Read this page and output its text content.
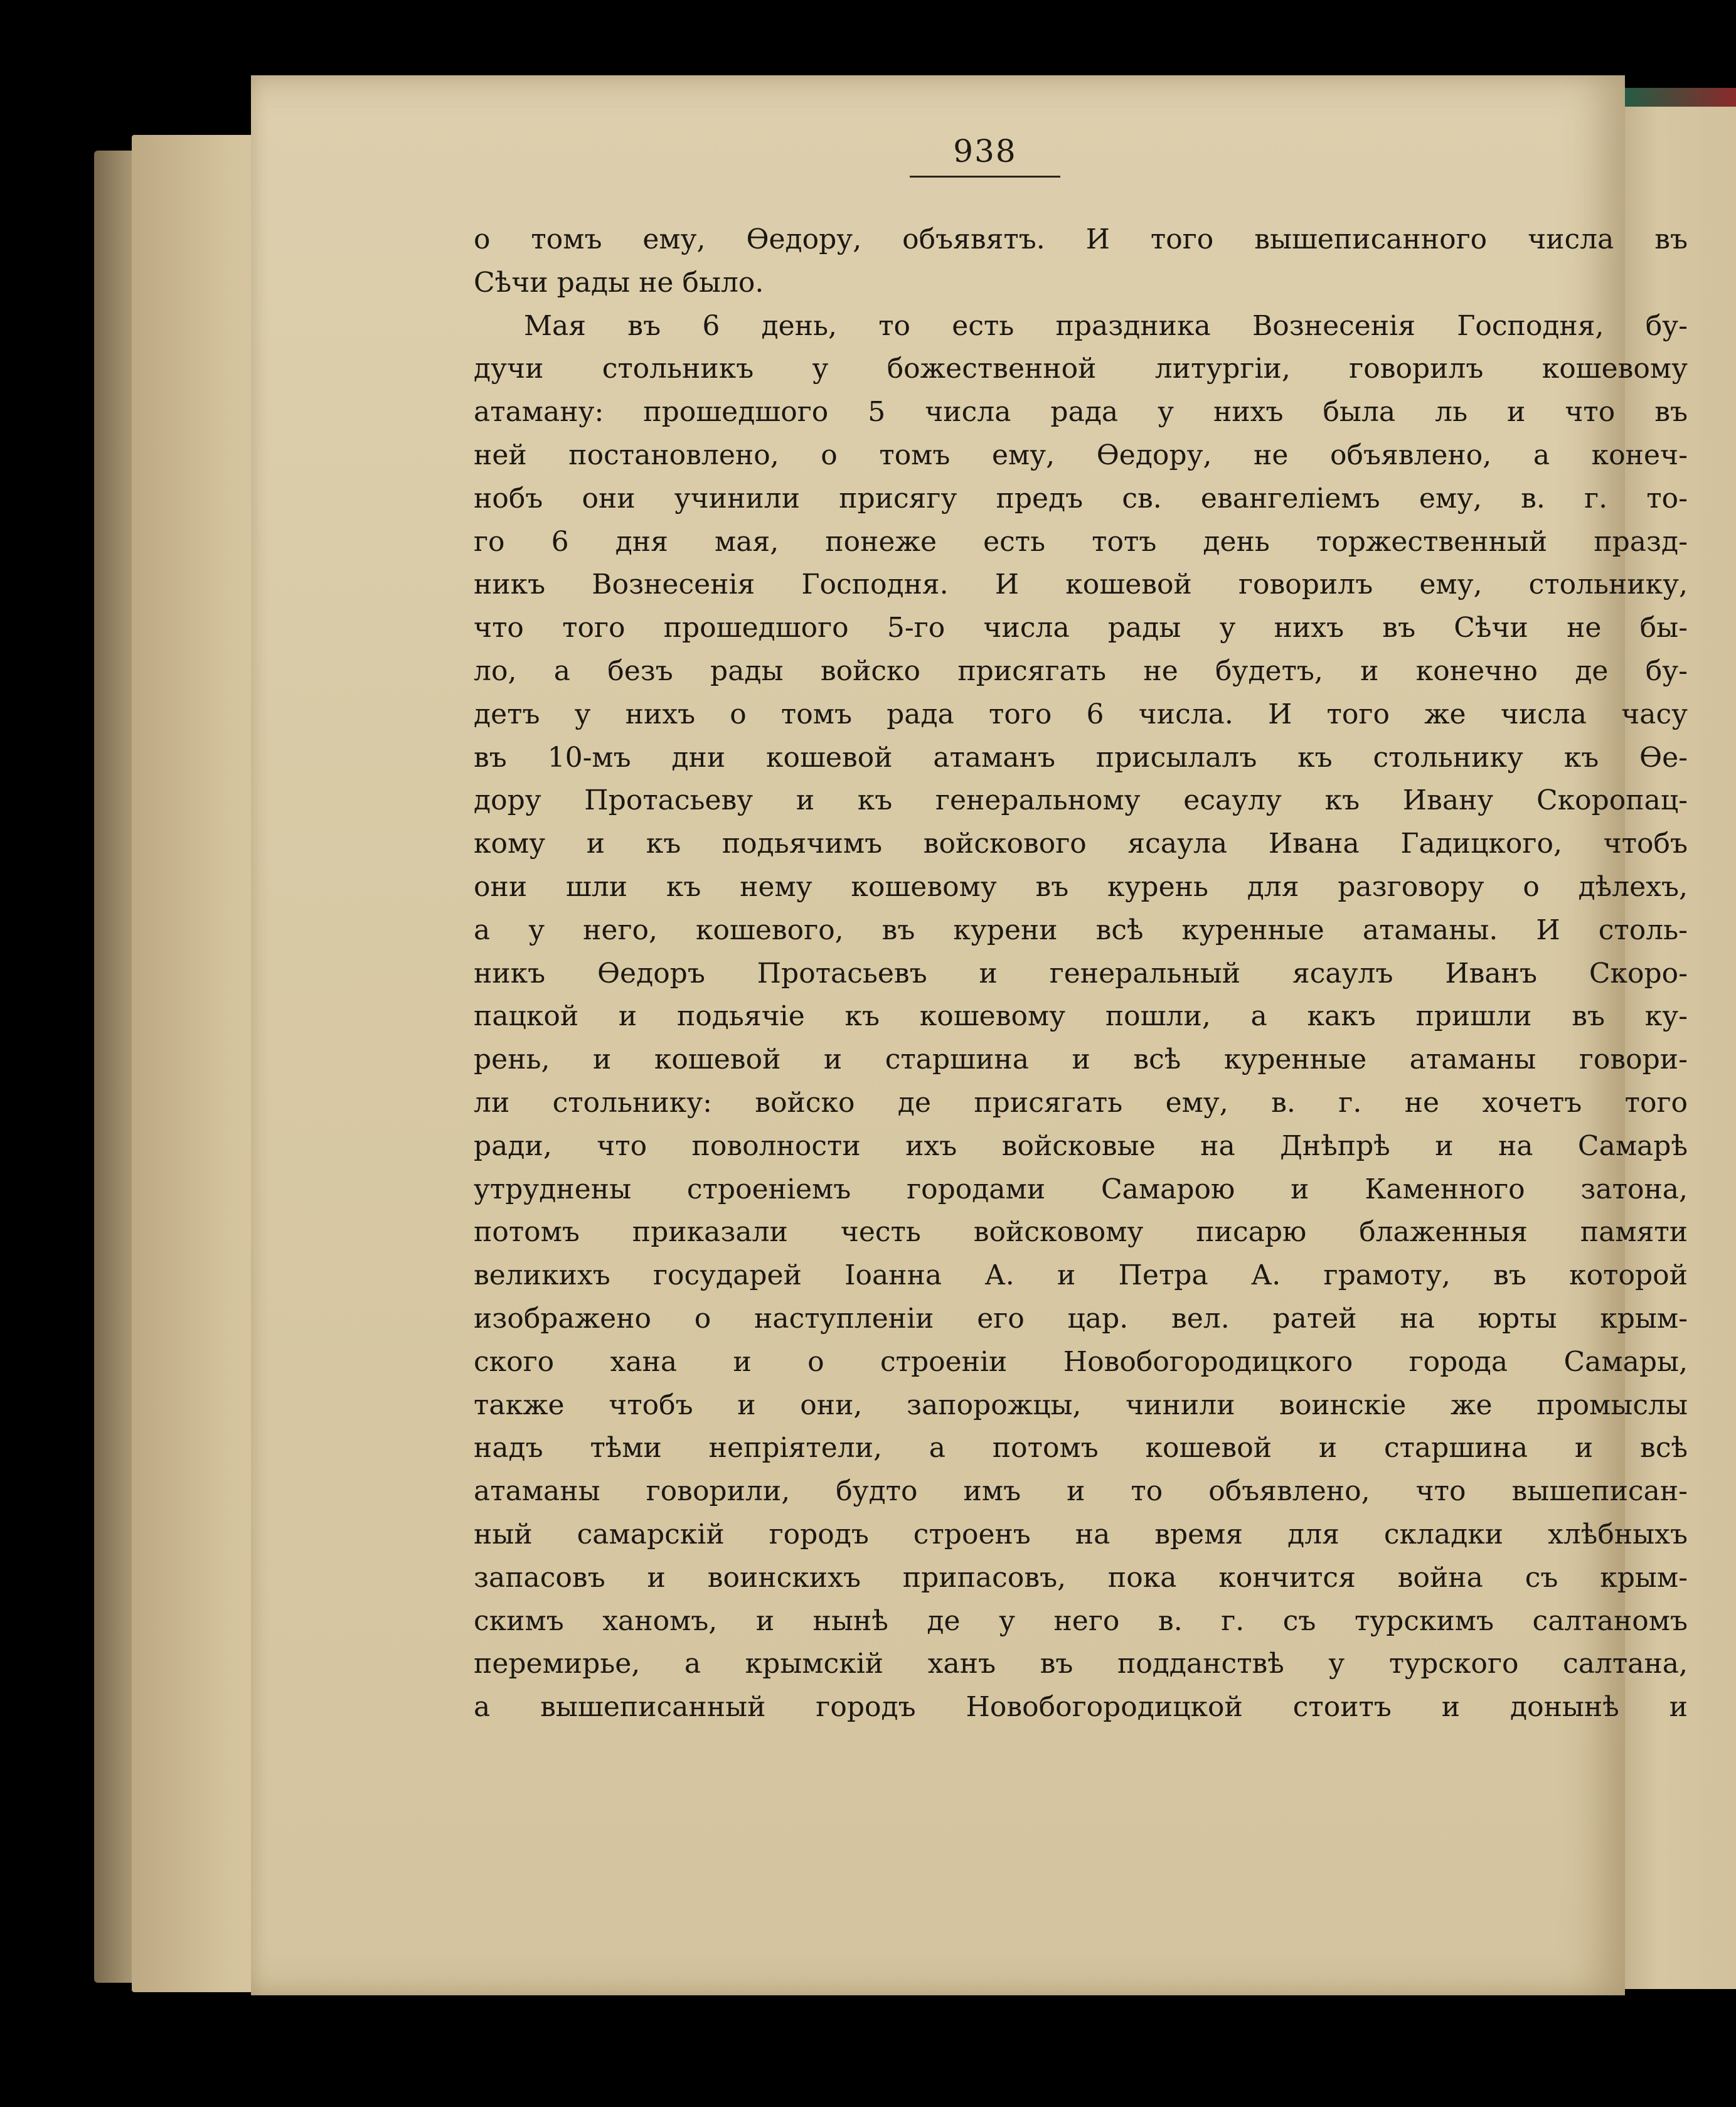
938
о томъ ему, Ѳедору, объявятъ. И того вышеписанного числа въ
Сѣчи рады не было.
Мая въ 6 день, то есть праздника Вознесенія Господня, бу-
дучи стольникъ у божественной литургіи, говорилъ кошевому
атаману: прошедшого 5 числа рада у нихъ была ль и что въ
ней постановлено, о томъ ему, Ѳедору, не объявлено, а конеч-
нобъ они учинили присягу предъ св. евангеліемъ ему, в. г. то-
го 6 дня мая, понеже есть тотъ день торжественный празд-
никъ Вознесенія Господня. И кошевой говорилъ ему, стольнику,
что того прошедшого 5-го числа рады у нихъ въ Сѣчи не бы-
ло, а безъ рады войско присягать не будетъ, и конечно де бу-
детъ у нихъ о томъ рада того 6 числа. И того же числа часу
въ 10-мъ дни кошевой атаманъ присылалъ къ стольнику къ Ѳе-
дору Протасьеву и къ генеральному есаулу къ Ивану Скоропац-
кому и къ подьячимъ войскового ясаула Ивана Гадицкого, чтобъ
они шли къ нему кошевому въ курень для разговору о дѣлехъ,
а у него, кошевого, въ курени всѣ куренные атаманы. И столь-
никъ Ѳедоръ Протасьевъ и генеральный ясаулъ Иванъ Скоро-
пацкой и подьячіе къ кошевому пошли, а какъ пришли въ ку-
рень, и кошевой и старшина и всѣ куренные атаманы говори-
ли стольнику: войско де присягать ему, в. г. не хочетъ того
ради, что поволности ихъ войсковые на Днѣпрѣ и на Самарѣ
утруднены строеніемъ городами Самарою и Каменного затона,
потомъ приказали честь войсковому писарю блаженныя памяти
великихъ государей Іоанна А. и Петра А. грамоту, въ которой
изображено о наступленіи его цар. вел. ратей на юрты крым-
ского хана и о строеніи Новобогородицкого города Самары,
также чтобъ и они, запорожцы, чинили воинскіе же промыслы
надъ тѣми непріятели, а потомъ кошевой и старшина и всѣ
атаманы говорили, будто имъ и то объявлено, что вышеписан-
ный самарскій городъ строенъ на время для складки хлѣбныхъ
запасовъ и воинскихъ припасовъ, пока кончится война съ крым-
скимъ ханомъ, и нынѣ де у него в. г. съ турскимъ салтаномъ
перемирье, а крымскій ханъ въ подданствѣ у турского салтана,
а вышеписанный городъ Новобогородицкой стоитъ и донынѣ и
